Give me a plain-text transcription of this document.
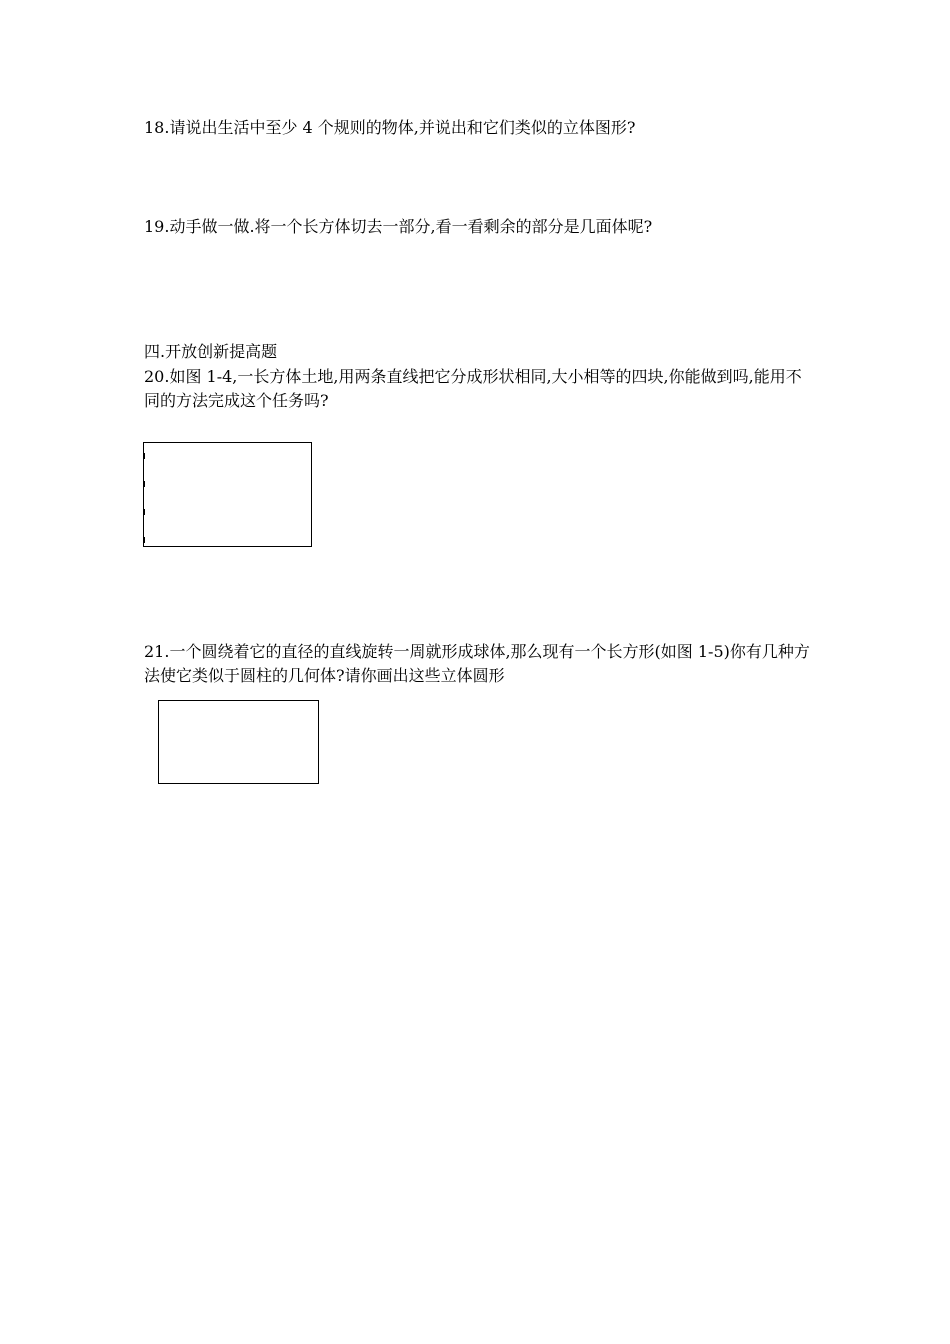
18.请说出生活中至少 4 个规则的物体,并说出和它们类似的立体图形?
19.动手做一做.将一个长方体切去一部分,看一看剩余的部分是几面体呢?
四.开放创新提高题
20.如图 1-4,一长方体土地,用两条直线把它分成形状相同,大小相等的四块,你能做到吗,能用不同的方法完成这个任务吗?
21.一个圆绕着它的直径的直线旋转一周就形成球体,那么现有一个长方形(如图 1-5)你有几种方法使它类似于圆柱的几何体?请你画出这些立体圆形
